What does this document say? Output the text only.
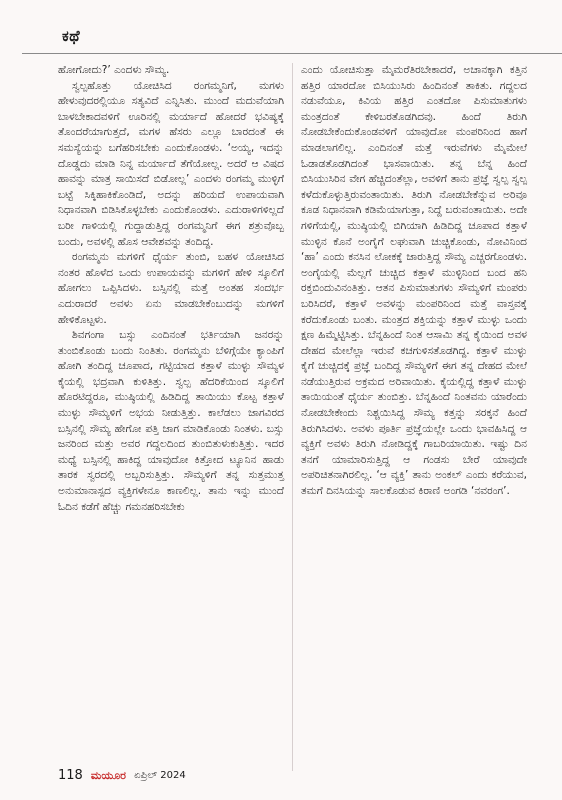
ಕಥೆ

ಹೋಗೋದು?’ ಎಂದಳು ಸೌಮ್ಯ.

ಸ್ವಲ್ಪಹೊತ್ತು ಯೋಚಿಸಿದ ರಂಗಮ್ಮನಿಗೆ, ಮಗಳು ಹೇಳುವುದರಲ್ಲಿಯೂ ಸತ್ಯವಿದೆ ಎನ್ನಿಸಿತು. ಮುಂದೆ ಮದುವೆಯಾಗಿ ಬಾಳಬೇಕಾದವಳಿಗೆ ಊರಿನಲ್ಲಿ ಮರ್ಯಾದೆ ಹೋದರೆ ಭವಿಷ್ಯಕ್ಕೆ ತೊಂದರೆಯಾಗುತ್ತದೆ, ಮಗಳ ಹೆಸರು ಎಲ್ಲೂ ಬಾರದಂತೆ ಈ ಸಮಸ್ಯೆಯನ್ನು ಬಗೆಹರಿಸಬೇಕು ಎಂದುಕೊಂಡಳು. ‘ಅಯ್ಯ, ಇದನ್ನು ದೊಡ್ಡದು ಮಾಡಿ ನಿನ್ನ ಮರ್ಯಾದೆ ತೆಗೆಯೋಲ್ಲ. ಅದರೆ ಆ ವಿಷದ ಹಾವನ್ನು ಮಾತ್ರ ಸಾಯಿಸದೆ ಬಿಡೋಲ್ಲ’ ಎಂದಳು ರಂಗಮ್ಮ ಮುಳ್ಳಿಗೆ ಬಟ್ಟೆ ಸಿಕ್ಕಿಹಾಕಿಕೊಂಡಿದೆ, ಅದನ್ನು ಹರಿಯದೆ ಉಪಾಯವಾಗಿ ನಿಧಾನವಾಗಿ ಬಿಡಿಸಿಕೊಳ್ಳಬೇಕು ಎಂದುಕೊಂಡಳು. ಎದುರಾಳಿಗಳಿಲ್ಲದೆ ಬರೀ ಗಾಳಿಯಲ್ಲಿ ಗುದ್ದಾಡುತ್ತಿದ್ದ ರಂಗಮ್ಮನಿಗೆ ಈಗ ಶತ್ರುವೊಬ್ಬ ಬಂದು, ಅವಳಲ್ಲಿ ಹೊಸ ಆವೇಶವನ್ನು ತಂದಿದ್ದ.

ರಂಗಮ್ಮನು ಮಗಳಿಗೆ ಧೈರ್ಯ ತುಂಬಿ, ಬಹಳ ಯೋಚಿಸಿದ ನಂತರ ಹೊಳೆದ ಒಂದು ಉಪಾಯವನ್ನು ಮಗಳಿಗೆ ಹೇಳಿ ಸ್ಕೂಲಿಗೆ ಹೋಗಲು ಒಪ್ಪಿಸಿದಳು. ಬಸ್ಸಿನಲ್ಲಿ ಮತ್ತೆ ಅಂತಹ ಸಂದರ್ಭ ಎದುರಾದರೆ ಅವಳು ಏನು ಮಾಡಬೇಕೆಂಬುದನ್ನು ಮಗಳಿಗೆ ಹೇಳಿಕೊಟ್ಟಳು.

ಶಿವಗಂಗಾ ಬಸ್ಸು ಎಂದಿನಂತೆ ಭರ್ತಿಯಾಗಿ ಜನರನ್ನು ತುಂಬಿಕೊಂಡು ಬಂದು ನಿಂತಿತು. ರಂಗಮ್ಮನು ಬೆಳಿಗ್ಗೆಯೇ ಕ್ಯಾಂಪಿಗೆ ಹೋಗಿ ತಂದಿದ್ದ ಚೂಪಾದ, ಗಟ್ಟಿಯಾದ ಕತ್ತಾಳೆ ಮುಳ್ಳು ಸೌಮ್ಯಳ ಕೈಯಲ್ಲಿ ಭದ್ರವಾಗಿ ಕುಳಿತಿತ್ತು. ಸ್ವಲ್ಪ ಹೆದರಿಕೆಯಿಂದ ಸ್ಕೂಲಿಗೆ ಹೊರಟಿದ್ದರೂ, ಮುಷ್ಠಿಯಲ್ಲಿ ಹಿಡಿದಿದ್ದ ತಾಯಿಯು ಕೊಟ್ಟ ಕತ್ತಾಳೆ ಮುಳ್ಳು ಸೌಮ್ಯಳಿಗೆ ಅಭಯ ನೀಡುತ್ತಿತ್ತು. ಕಾಲೆಡಲು ಜಾಗವಿರದ ಬಸ್ಸಿನಲ್ಲಿ ಸೌಮ್ಯ ಹೇಗೋ ಪತ್ತಿ ಜಾಗ ಮಾಡಿಕೊಂಡು ನಿಂತಳು. ಬಸ್ಸು ಜನರಿಂದ ಮತ್ತು ಅವರ ಗದ್ದಲದಿಂದ ತುಂಬಿತುಳುಕುತ್ತಿತ್ತು. ಇದರ ಮಧ್ಯೆ ಬಸ್ಸಿನಲ್ಲಿ ಹಾಕಿದ್ದ ಯಾವುದೋ ಕಿತ್ತೋದ ಟ್ಯೂನಿನ ಹಾಡು ತಾರಕ ಸ್ವರದಲ್ಲಿ ಅಬ್ಬರಿಸುತ್ತಿತ್ತು. ಸೌಮ್ಯಳಿಗೆ ತನ್ನ ಸುತ್ತಮುತ್ತ ಅನುಮಾನಾಸ್ಪದ ವ್ಯಕ್ತಿಗಳೇನೂ ಕಾಣಲಿಲ್ಲ. ತಾನು ಇನ್ನು ಮುಂದೆ ಓದಿನ ಕಡೆಗೆ ಹೆಚ್ಚು ಗಮನಹರಿಸಬೇಕು

ಎಂದು ಯೋಚಿಸುತ್ತಾ ಮೈಮರೆತಿರಬೇಕಾದರೆ, ಅಚಾನಕ್ಕಾಗಿ ಕತ್ತಿನ ಹತ್ತಿರ ಯಾರದೋ ಬಿಸಿಯುಸಿರು ಹಿಂದಿನಂತೆ ತಾಕಿತು. ಗದ್ದಲದ ನಡುವೆಯೂ, ಕಿವಿಯ ಹತ್ತಿರ ಎಂತದೋ ಪಿಸುಮಾತುಗಳು ಮಂತ್ರದಂತೆ ಕೇಳಿಬರತೊಡಗಿದವು. ಹಿಂದೆ ತಿರುಗಿ ನೋಡಬೇಕೆಂದುಕೊಂಡವಳಿಗೆ ಯಾವುದೋ ಮಂಪರಿನಿಂದ ಹಾಗೆ ಮಾಡಲಾಗಲಿಲ್ಲ. ಎಂದಿನಂತೆ ಮತ್ತೆ ಇರುವೆಗಳು ಮೈಮೇಲೆ ಓಡಾಡತೊಡಗಿದಂತೆ ಭಾಸವಾಯಿತು. ತನ್ನ ಬೆನ್ನ ಹಿಂದೆ ಬಿಸಿಯುಸಿರಿನ ವೇಗ ಹೆಚ್ಚಿದಂತೆಲ್ಲಾ, ಅವಳಿಗೆ ತಾನು ಪ್ರಜ್ಞೆ ಸ್ವಲ್ಪ ಸ್ವಲ್ಪ ಕಳೆದುಕೊಳ್ಳುತ್ತಿರುವಂತಾಯಿತು. ತಿರುಗಿ ನೋಡಬೇಕೆನ್ನುವ ಅರಿವೂ ಕೂಡ ನಿಧಾನವಾಗಿ ಕಡಿಮೆಯಾಗುತ್ತಾ, ನಿದ್ದೆ ಬರುವಂತಾಯಿತು. ಅದೇ ಗಳಿಗೆಯಲ್ಲಿ, ಮುಷ್ಠಿಯಲ್ಲಿ ಬಿಗಿಯಾಗಿ ಹಿಡಿದಿದ್ದ ಚೂಪಾದ ಕತ್ತಾಳೆ ಮುಳ್ಳಿನ ಕೊನೆ ಅಂಗೈಗೆ ಲಘುವಾಗಿ ಚುಚ್ಚಿಕೊಂಡು, ನೋವಿನಿಂದ ‘ಹಾ’ ಎಂದು ಕನಸಿನ ಲೋಕಕ್ಕೆ ಜಾರುತ್ತಿದ್ದ ಸೌಮ್ಯ ಎಚ್ಚರಗೊಂಡಳು. ಅಂಗೈಯಲ್ಲಿ ಮೆಲ್ಲಗೆ ಚುಚ್ಚಿದ ಕತ್ತಾಳೆ ಮುಳ್ಳಿನಿಂದ ಬಂದ ಹನಿ ರಕ್ತಬಿಂದುವಿನಂತಿತ್ತು. ಆತನ ಪಿಸುಮಾತುಗಳು ಸೌಮ್ಯಳಿಗೆ ಮಂಪರು ಬರಿಸಿದರೆ, ಕತ್ತಾಳೆ ಅವಳನ್ನು ಮಂಪರಿನಿಂದ ಮತ್ತೆ ವಾಸ್ತವಕ್ಕೆ ಕರೆದುಕೊಂಡು ಬಂತು. ಮಂತ್ರದ ಶಕ್ತಿಯನ್ನು ಕತ್ತಾಳೆ ಮುಳ್ಳು ಒಂದು ಕ್ಷಣ ಹಿಮ್ಮೆಟ್ಟಿಸಿತ್ತು. ಬೆನ್ನಹಿಂದೆ ನಿಂತ ಆಸಾಮಿ ತನ್ನ ಕೈಯಿಂದ ಅವಳ ದೇಹದ ಮೇಲೆಲ್ಲಾ ಇರುವೆ ಕಚಗುಳಿಸತೊಡಗಿದ್ದ. ಕತ್ತಾಳೆ ಮುಳ್ಳು ಕೈಗೆ ಚುಚ್ಚಿದಕ್ಕೆ ಪ್ರಜ್ಞೆ ಬಂದಿದ್ದ ಸೌಮ್ಯಳಿಗೆ ಈಗ ತನ್ನ ದೇಹದ ಮೇಲೆ ನಡೆಯುತ್ತಿರುವ ಅಕ್ರಮದ ಅರಿವಾಯಿತು. ಕೈಯಲ್ಲಿದ್ದ ಕತ್ತಾಳೆ ಮುಳ್ಳು ತಾಯಿಯಂತೆ ಧೈರ್ಯ ತುಂಬಿತ್ತು. ಬೆನ್ನಹಿಂದೆ ನಿಂತವನು ಯಾರೆಂದು ನೋಡಬೇಕೇಂದು ನಿಶ್ಚಯಿಸಿದ್ದ ಸೌಮ್ಯ ಕತ್ತನ್ನು ಸರಕ್ಕನೆ ಹಿಂದೆ ತಿರುಗಿಸಿದಳು. ಅವಳು ಪೂರ್ತಿ ಪ್ರಜ್ಞೆಯಲ್ಲೇ ಒಂದು ಭಾವಹಿಸಿದ್ದ ಆ ವ್ಯಕ್ತಿಗೆ ಅವಳು ತಿರುಗಿ ನೋಡಿದ್ದಕ್ಕೆ ಗಾಬರಿಯಾಯಿತು. ಇಷ್ಟು ದಿನ ತನಗೆ ಯಾಮಾರಿಸುತ್ತಿದ್ದ ಆ ಗಂಡಸು ಬೇರೆ ಯಾವುದೇ ಅಪರಿಚಿತನಾಗಿರಲಿಲ್ಲ. ‘ಆ ವ್ಯಕ್ತಿ’ ತಾನು ಅಂಕಲ್ ಎಂದು ಕರೆಯುವ, ತಮಗೆ ದಿನಸಿಯನ್ನು ಸಾಲಕೊಡುವ ಕಿರಾಣಿ ಅಂಗಡಿ ‘ನವರಂಗ’.

118 ಮಯೂರ ಏಪ್ರಿಲ್ 2024
